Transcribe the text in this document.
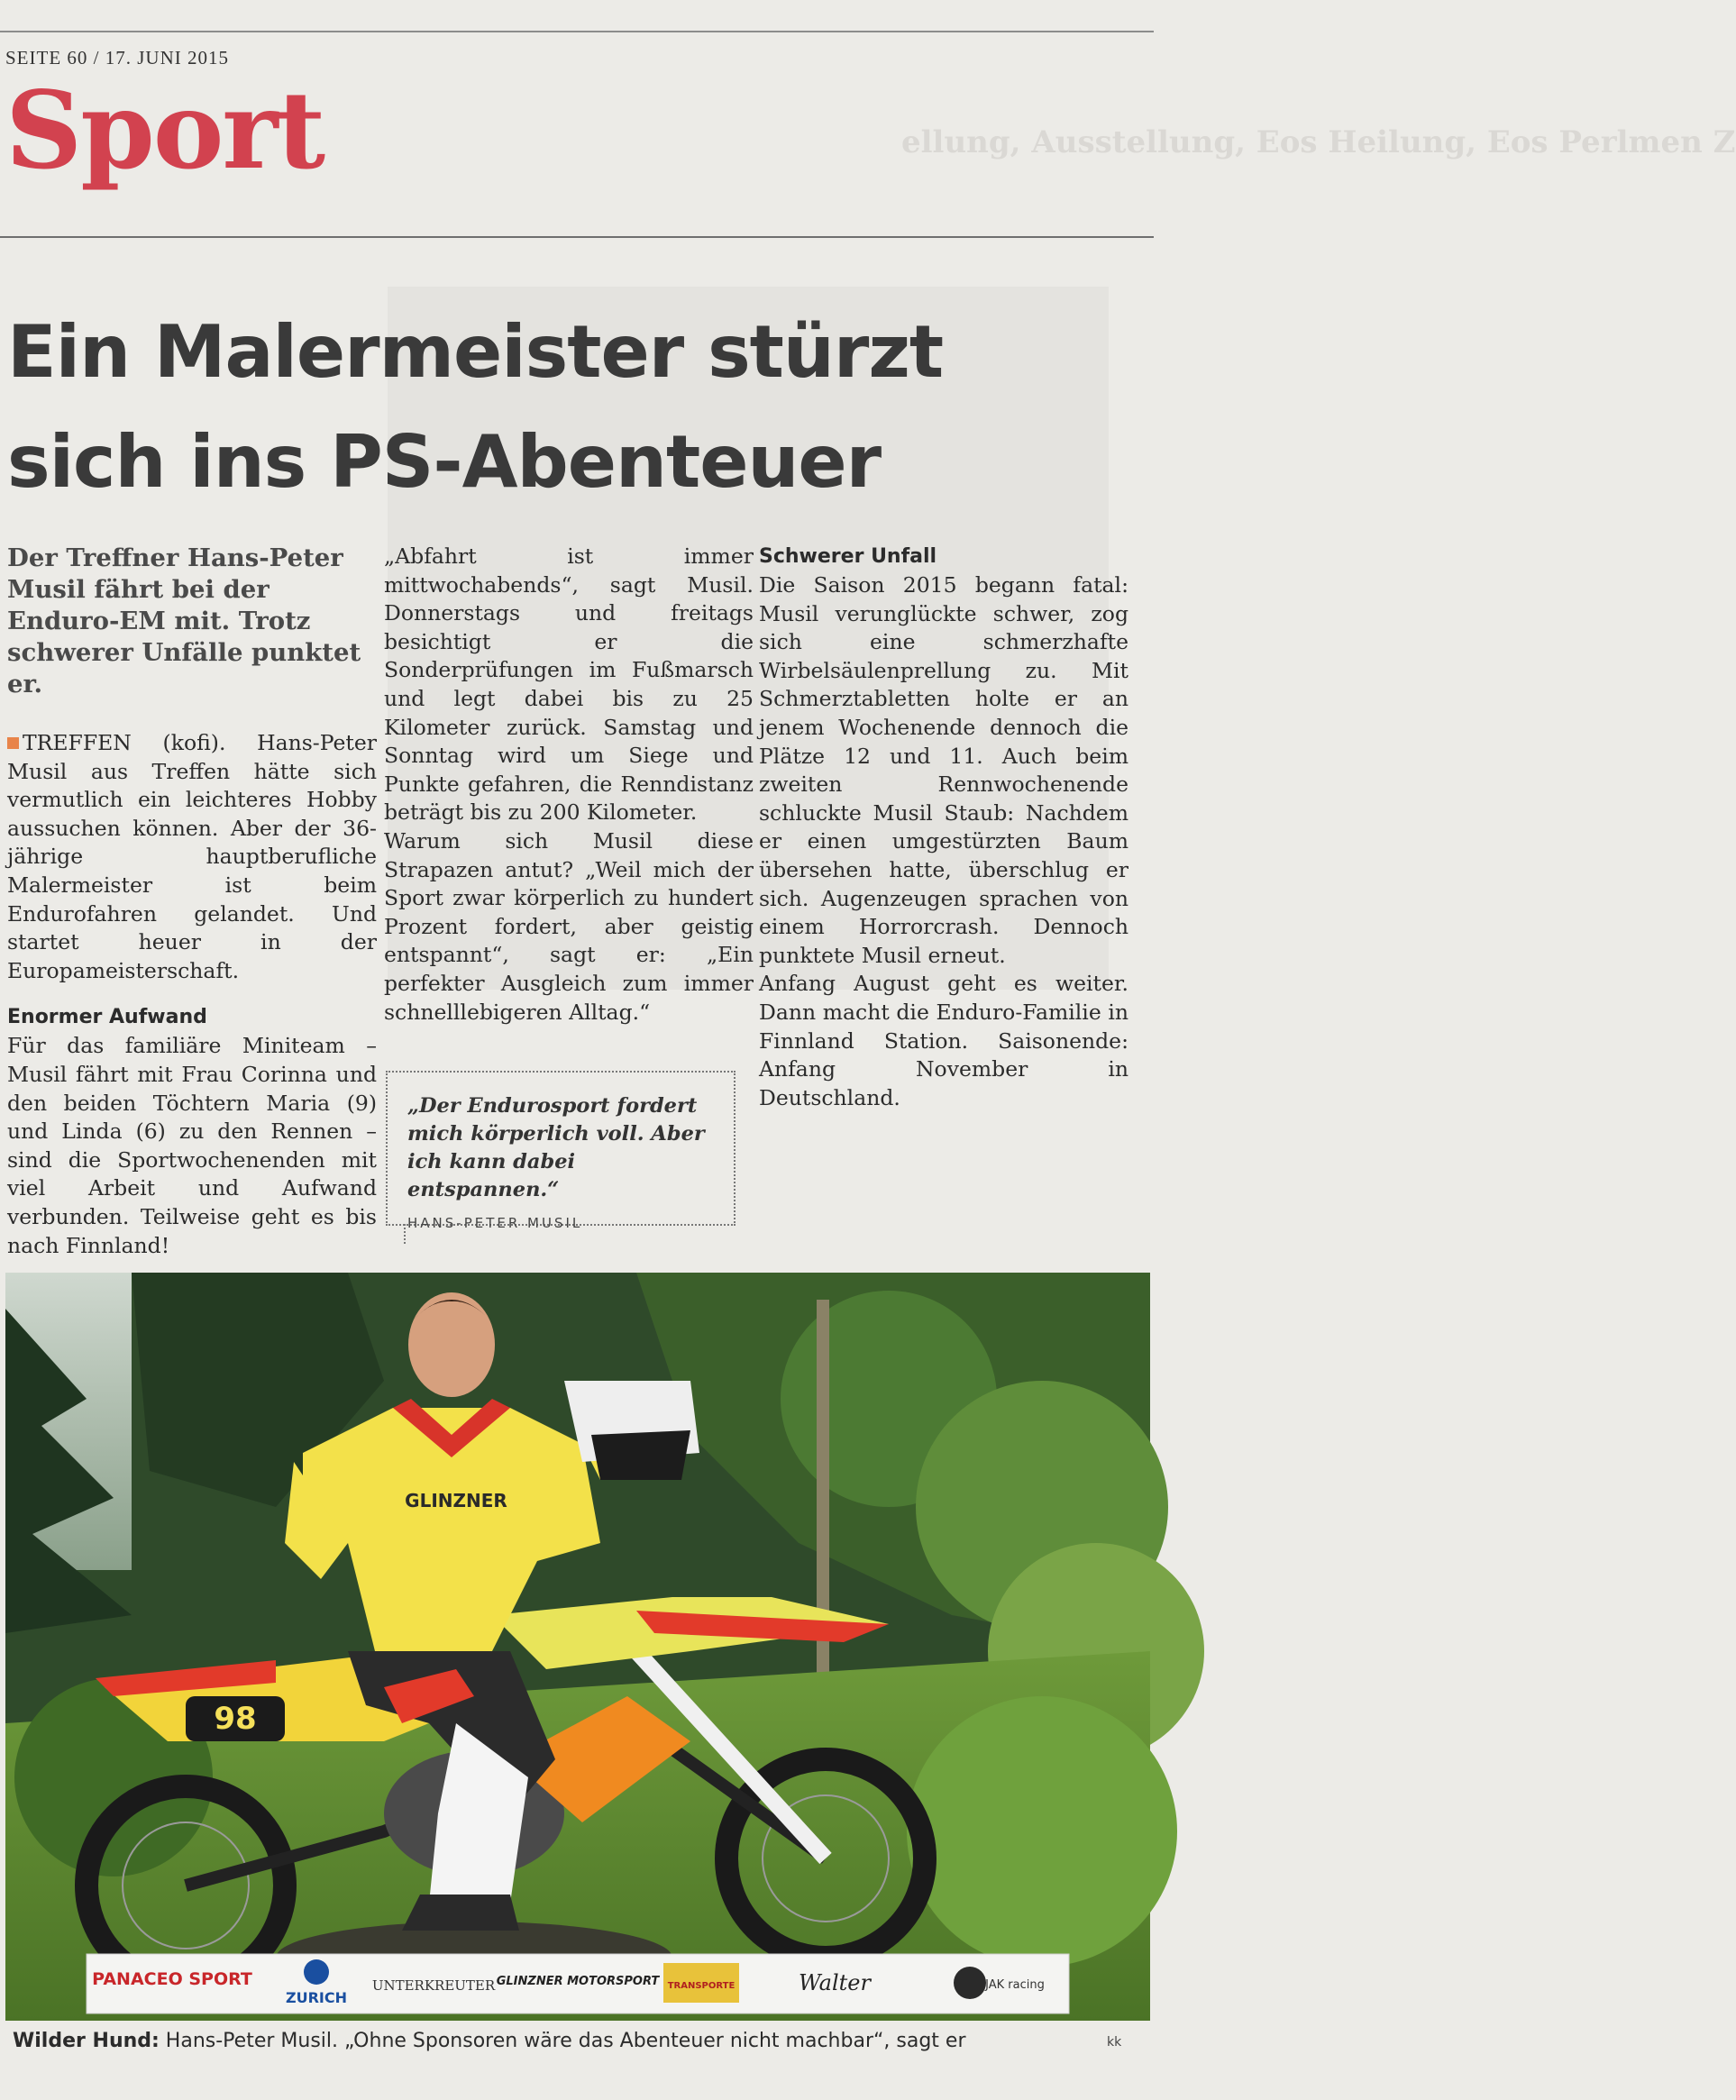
SEITE 60 / 17. JUNI 2015
ellung, Ausstellung, Eos Heilung, Eos Perlmen Z
Sport
Ein Malermeister stürzt
sich ins PS-Abenteuer

Der Treffner Hans-Peter Musil fährt bei der Enduro-EM mit. Trotz schwerer Unfälle punktet er.

TREFFEN (kofi). Hans-Peter Musil aus Treffen hätte sich vermutlich ein leichteres Hobby aussuchen können. Aber der 36-jährige hauptberufliche Malermeister ist beim Endurofahren gelandet. Und startet heuer in der Europameisterschaft.

Enormer Aufwand

Für das familiäre Miniteam – Musil fährt mit Frau Corinna und den beiden Töchtern Maria (9) und Linda (6) zu den Rennen – sind die Sportwochenenden mit viel Arbeit und Aufwand verbunden. Teilweise geht es bis nach Finnland!

„Abfahrt ist immer mittwochabends“, sagt Musil. Donnerstags und freitags besichtigt er die Sonderprüfungen im Fußmarsch und legt dabei bis zu 25 Kilometer zurück. Samstag und Sonntag wird um Siege und Punkte gefahren, die Renndistanz beträgt bis zu 200 Kilometer.

Warum sich Musil diese Strapazen antut? „Weil mich der Sport zwar körperlich zu hundert Prozent fordert, aber geistig entspannt“, sagt er: „Ein perfekter Ausgleich zum immer schnelllebigeren Alltag.“

Schwerer Unfall

Die Saison 2015 begann fatal: Musil verunglückte schwer, zog sich eine schmerzhafte Wirbelsäulenprellung zu. Mit Schmerztabletten holte er an jenem Wochenende dennoch die Plätze 12 und 11. Auch beim zweiten Rennwochenende schluckte Musil Staub: Nachdem er einen umgestürzten Baum übersehen hatte, überschlug er sich. Augenzeugen sprachen von einem Horrorcrash. Dennoch punktete Musil erneut.

Anfang August geht es weiter. Dann macht die Enduro-Familie in Finnland Station. Saisonende: Anfang November in Deutschland.

„Der Endurosport fordert mich körperlich voll. Aber ich kann dabei entspannen.“

HANS-PETER MUSIL
98
GLINZNER
PANACEO SPORT
ZURICH
UNTERKREUTER GLINZNER MOTORSPORT TRANSPORTE	Walter	JAK racing
Wilder Hund: Hans-Peter Musil. „Ohne Sponsoren wäre das Abenteuer nicht machbar“, sagt er	kk
